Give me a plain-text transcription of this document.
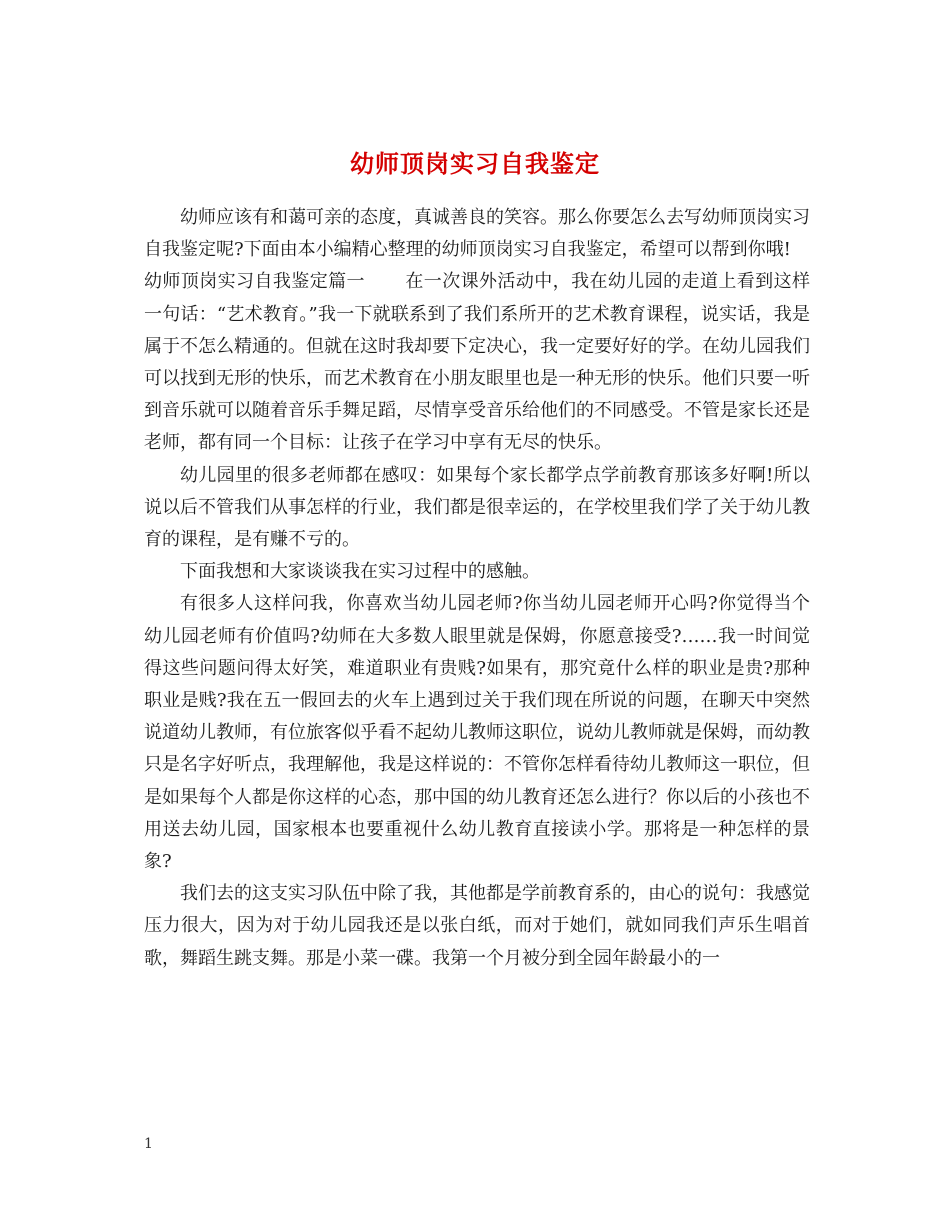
幼师顶岗实习自我鉴定

幼师应该有和蔼可亲的态度，真诚善良的笑容。那么你要怎么去写幼师顶岗实习自我鉴定呢?下面由本小编精心整理的幼师顶岗实习自我鉴定，希望可以帮到你哦!

幼师顶岗实习自我鉴定篇一 在一次课外活动中，我在幼儿园的走道上看到这样一句话：“艺术教育。”我一下就联系到了我们系所开的艺术教育课程，说实话，我是属于不怎么精通的。但就在这时我却要下定决心，我一定要好好的学。在幼儿园我们可以找到无形的快乐，而艺术教育在小朋友眼里也是一种无形的快乐。他们只要一听到音乐就可以随着音乐手舞足蹈，尽情享受音乐给他们的不同感受。不管是家长还是老师，都有同一个目标：让孩子在学习中享有无尽的快乐。

幼儿园里的很多老师都在感叹：如果每个家长都学点学前教育那该多好啊!所以说以后不管我们从事怎样的行业，我们都是很幸运的，在学校里我们学了关于幼儿教育的课程，是有赚不亏的。

下面我想和大家谈谈我在实习过程中的感触。

有很多人这样问我，你喜欢当幼儿园老师?你当幼儿园老师开心吗?你觉得当个幼儿园老师有价值吗?幼师在大多数人眼里就是保姆，你愿意接受?……我一时间觉得这些问题问得太好笑，难道职业有贵贱?如果有，那究竟什么样的职业是贵?那种职业是贱?我在五一假回去的火车上遇到过关于我们现在所说的问题，在聊天中突然说道幼儿教师，有位旅客似乎看不起幼儿教师这职位，说幼儿教师就是保姆，而幼教只是名字好听点，我理解他，我是这样说的：不管你怎样看待幼儿教师这一职位，但是如果每个人都是你这样的心态，那中国的幼儿教育还怎么进行？你以后的小孩也不用送去幼儿园，国家根本也要重视什么幼儿教育直接读小学。那将是一种怎样的景象?

我们去的这支实习队伍中除了我，其他都是学前教育系的，由心的说句：我感觉压力很大，因为对于幼儿园我还是以张白纸，而对于她们，就如同我们声乐生唱首歌，舞蹈生跳支舞。那是小菜一碟。我第一个月被分到全园年龄最小的一

1
